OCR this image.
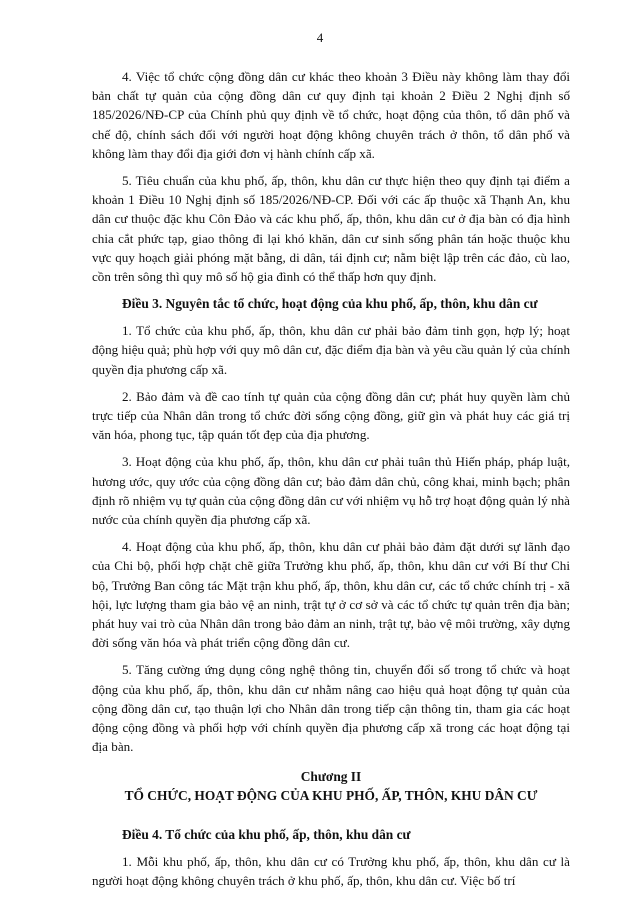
4

4. Việc tổ chức cộng đồng dân cư khác theo khoản 3 Điều này không làm thay đổi bản chất tự quản của cộng đồng dân cư quy định tại khoản 2 Điều 2 Nghị định số 185/2026/NĐ-CP của Chính phủ quy định về tổ chức, hoạt động của thôn, tổ dân phố và chế độ, chính sách đối với người hoạt động không chuyên trách ở thôn, tổ dân phố và không làm thay đổi địa giới đơn vị hành chính cấp xã.

5. Tiêu chuẩn của khu phố, ấp, thôn, khu dân cư thực hiện theo quy định tại điểm a khoản 1 Điều 10 Nghị định số 185/2026/NĐ-CP. Đối với các ấp thuộc xã Thạnh An, khu dân cư thuộc đặc khu Côn Đảo và các khu phố, ấp, thôn, khu dân cư ở địa bàn có địa hình chia cắt phức tạp, giao thông đi lại khó khăn, dân cư sinh sống phân tán hoặc thuộc khu vực quy hoạch giải phóng mặt bằng, di dân, tái định cư; nằm biệt lập trên các đảo, cù lao, cồn trên sông thì quy mô số hộ gia đình có thể thấp hơn quy định.

Điều 3. Nguyên tắc tổ chức, hoạt động của khu phố, ấp, thôn, khu dân cư

1. Tổ chức của khu phố, ấp, thôn, khu dân cư phải bảo đảm tinh gọn, hợp lý; hoạt động hiệu quả; phù hợp với quy mô dân cư, đặc điểm địa bàn và yêu cầu quản lý của chính quyền địa phương cấp xã.

2. Bảo đảm và đề cao tính tự quản của cộng đồng dân cư; phát huy quyền làm chủ trực tiếp của Nhân dân trong tổ chức đời sống cộng đồng, giữ gìn và phát huy các giá trị văn hóa, phong tục, tập quán tốt đẹp của địa phương.

3. Hoạt động của khu phố, ấp, thôn, khu dân cư phải tuân thủ Hiến pháp, pháp luật, hương ước, quy ước của cộng đồng dân cư; bảo đảm dân chủ, công khai, minh bạch; phân định rõ nhiệm vụ tự quản của cộng đồng dân cư với nhiệm vụ hỗ trợ hoạt động quản lý nhà nước của chính quyền địa phương cấp xã.

4. Hoạt động của khu phố, ấp, thôn, khu dân cư phải bảo đảm đặt dưới sự lãnh đạo của Chi bộ, phối hợp chặt chẽ giữa Trưởng khu phố, ấp, thôn, khu dân cư với Bí thư Chi bộ, Trưởng Ban công tác Mặt trận khu phố, ấp, thôn, khu dân cư, các tổ chức chính trị - xã hội, lực lượng tham gia bảo vệ an ninh, trật tự ở cơ sở và các tổ chức tự quản trên địa bàn; phát huy vai trò của Nhân dân trong bảo đảm an ninh, trật tự, bảo vệ môi trường, xây dựng đời sống văn hóa và phát triển cộng đồng dân cư.

5. Tăng cường ứng dụng công nghệ thông tin, chuyển đổi số trong tổ chức và hoạt động của khu phố, ấp, thôn, khu dân cư nhằm nâng cao hiệu quả hoạt động tự quản của cộng đồng dân cư, tạo thuận lợi cho Nhân dân trong tiếp cận thông tin, tham gia các hoạt động cộng đồng và phối hợp với chính quyền địa phương cấp xã trong các hoạt động tại địa bàn.

Chương II
TỔ CHỨC, HOẠT ĐỘNG CỦA KHU PHỐ, ẤP, THÔN, KHU DÂN CƯ
Điều 4. Tổ chức của khu phố, ấp, thôn, khu dân cư

1. Mỗi khu phố, ấp, thôn, khu dân cư có Trưởng khu phố, ấp, thôn, khu dân cư là người hoạt động không chuyên trách ở khu phố, ấp, thôn, khu dân cư. Việc bố trí
